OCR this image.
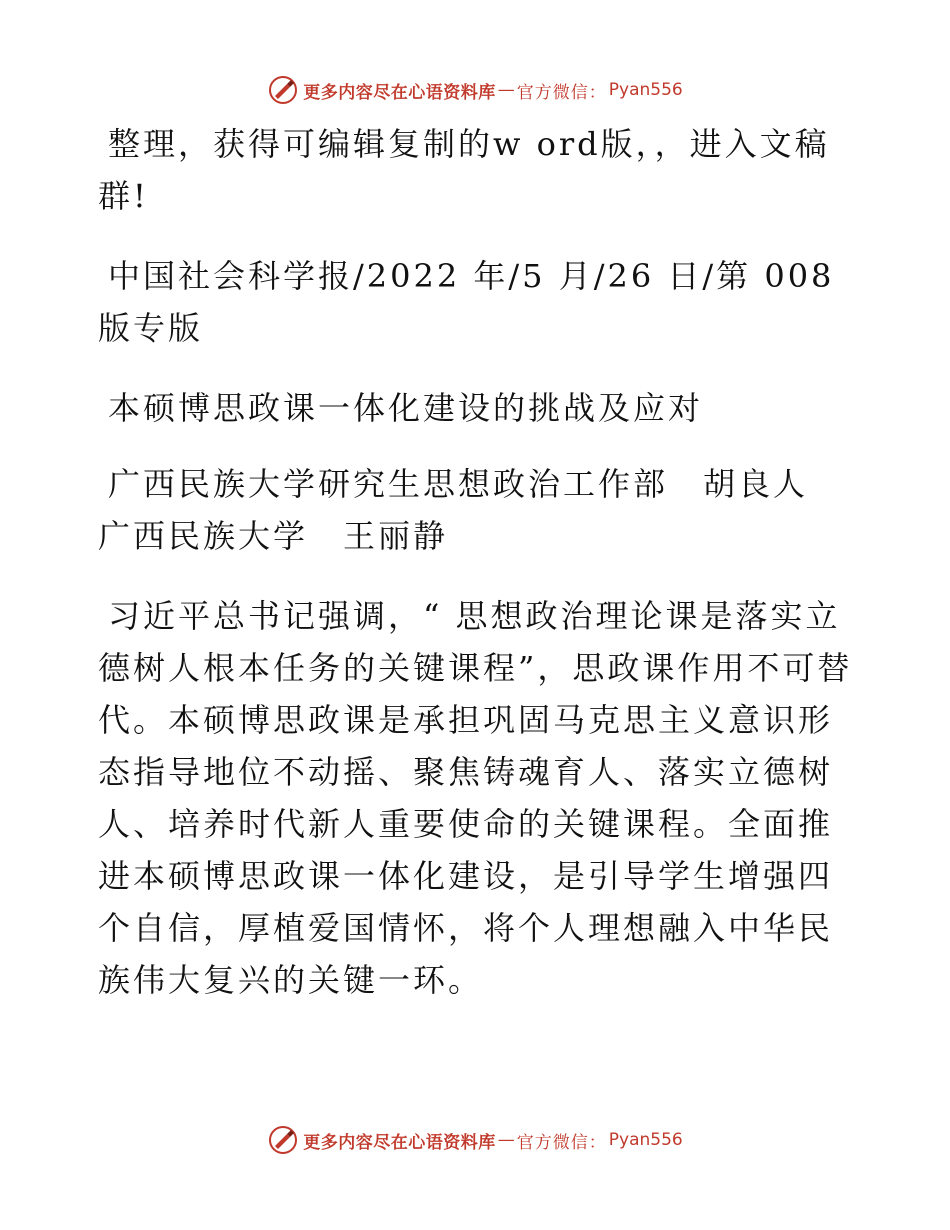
更多内容尽在心语资料库 — 官方微信： Pyan556

整理，获得可编辑复制的w ord版，，进入文稿群!

中国社会科学报/2022 年/5 月/26 日/第 008 版专版

本硕博思政课一体化建设的挑战及应对

广西民族大学研究生思想政治工作部　胡良人
广西民族大学　王丽静

习近平总书记强调，“ 思想政治理论课是落实立德树人根本任务的关键课程”，思政课作用不可替代。本硕博思政课是承担巩固马克思主义意识形态指导地位不动摇、聚焦铸魂育人、落实立德树人、培养时代新人重要使命的关键课程。全面推进本硕博思政课一体化建设，是引导学生增强四个自信，厚植爱国情怀，将个人理想融入中华民族伟大复兴的关键一环。

更多内容尽在心语资料库 — 官方微信： Pyan556
